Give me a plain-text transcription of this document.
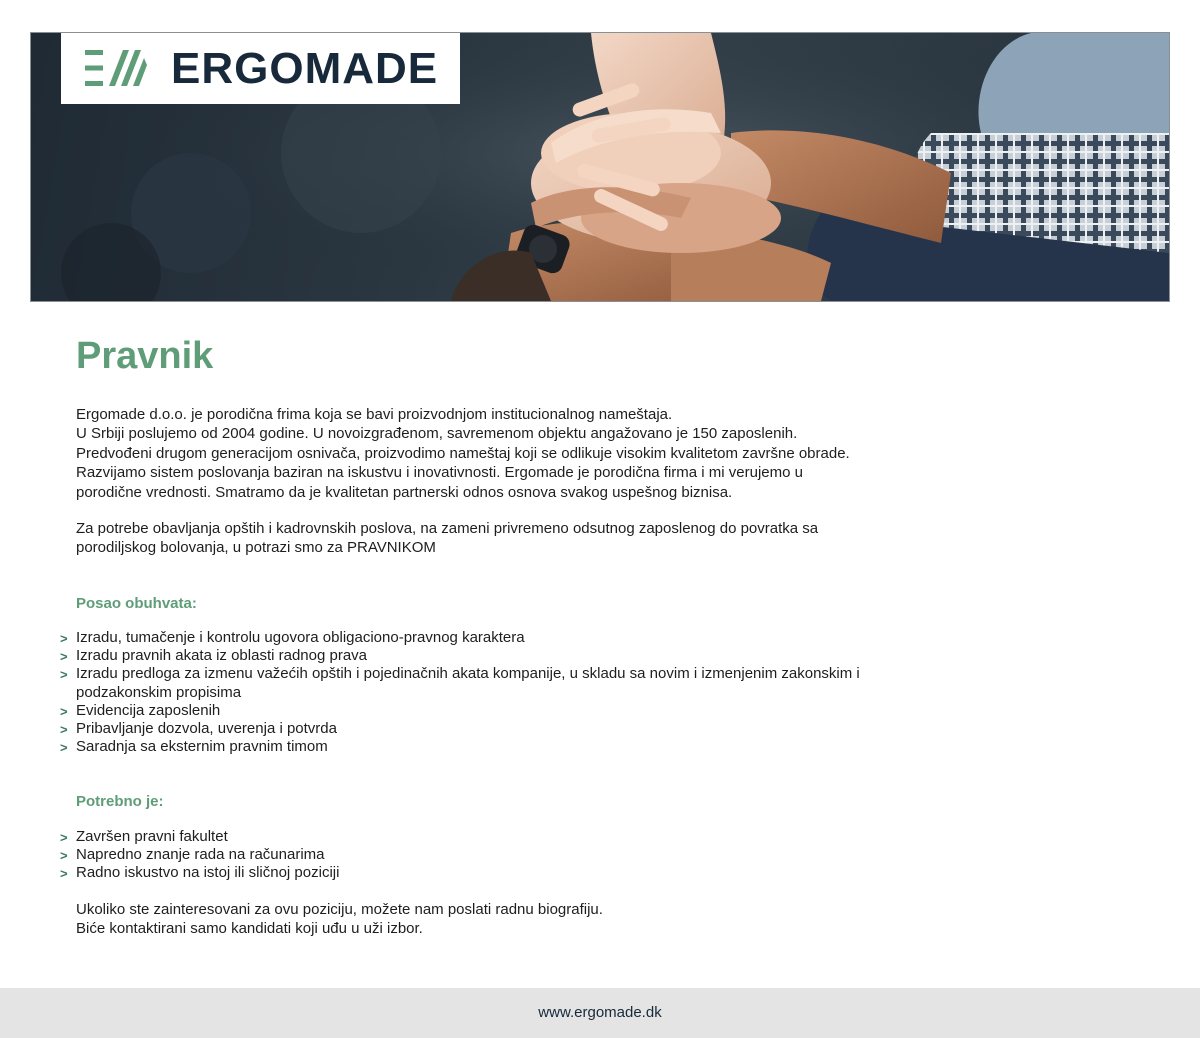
ERGOMADE
Pravnik

Ergomade d.o.o. je porodična frima koja se bavi proizvodnjom institucionalnog nameštaja.
U Srbiji poslujemo od 2004 godine. U novoizgrađenom, savremenom objektu angažovano je 150 zaposlenih.
Predvođeni drugom generacijom osnivača, proizvodimo nameštaj koji se odlikuje visokim kvalitetom završne obrade.
Razvijamo sistem poslovanja baziran na iskustvu i inovativnosti. Ergomade je porodična firma i mi verujemo u
porodične vrednosti. Smatramo da je kvalitetan partnerski odnos osnova svakog uspešnog biznisa.

Za potrebe obavljanja opštih i kadrovnskih poslova, na zameni privremeno odsutnog zaposlenog do povratka sa
porodiljskog bolovanja, u potrazi smo za PRAVNIKOM

Posao obuhvata:
> Izradu, tumačenje i kontrolu ugovora obligaciono-pravnog karaktera
> Izradu pravnih akata iz oblasti radnog prava
> Izradu predloga za izmenu važećih opštih i pojedinačnih akata kompanije, u skladu sa novim i izmenjenim zakonskim i podzakonskim propisima
> Evidencija zaposlenih
> Pribavljanje dozvola, uverenja i potvrda
> Saradnja sa eksternim pravnim timom
Potrebno je:
> Završen pravni fakultet
> Napredno znanje rada na računarima
> Radno iskustvo na istoj ili sličnoj poziciji

Ukoliko ste zainteresovani za ovu poziciju, možete nam poslati radnu biografiju.
Biće kontaktirani samo kandidati koji uđu u uži izbor.

www.ergomade.dk
